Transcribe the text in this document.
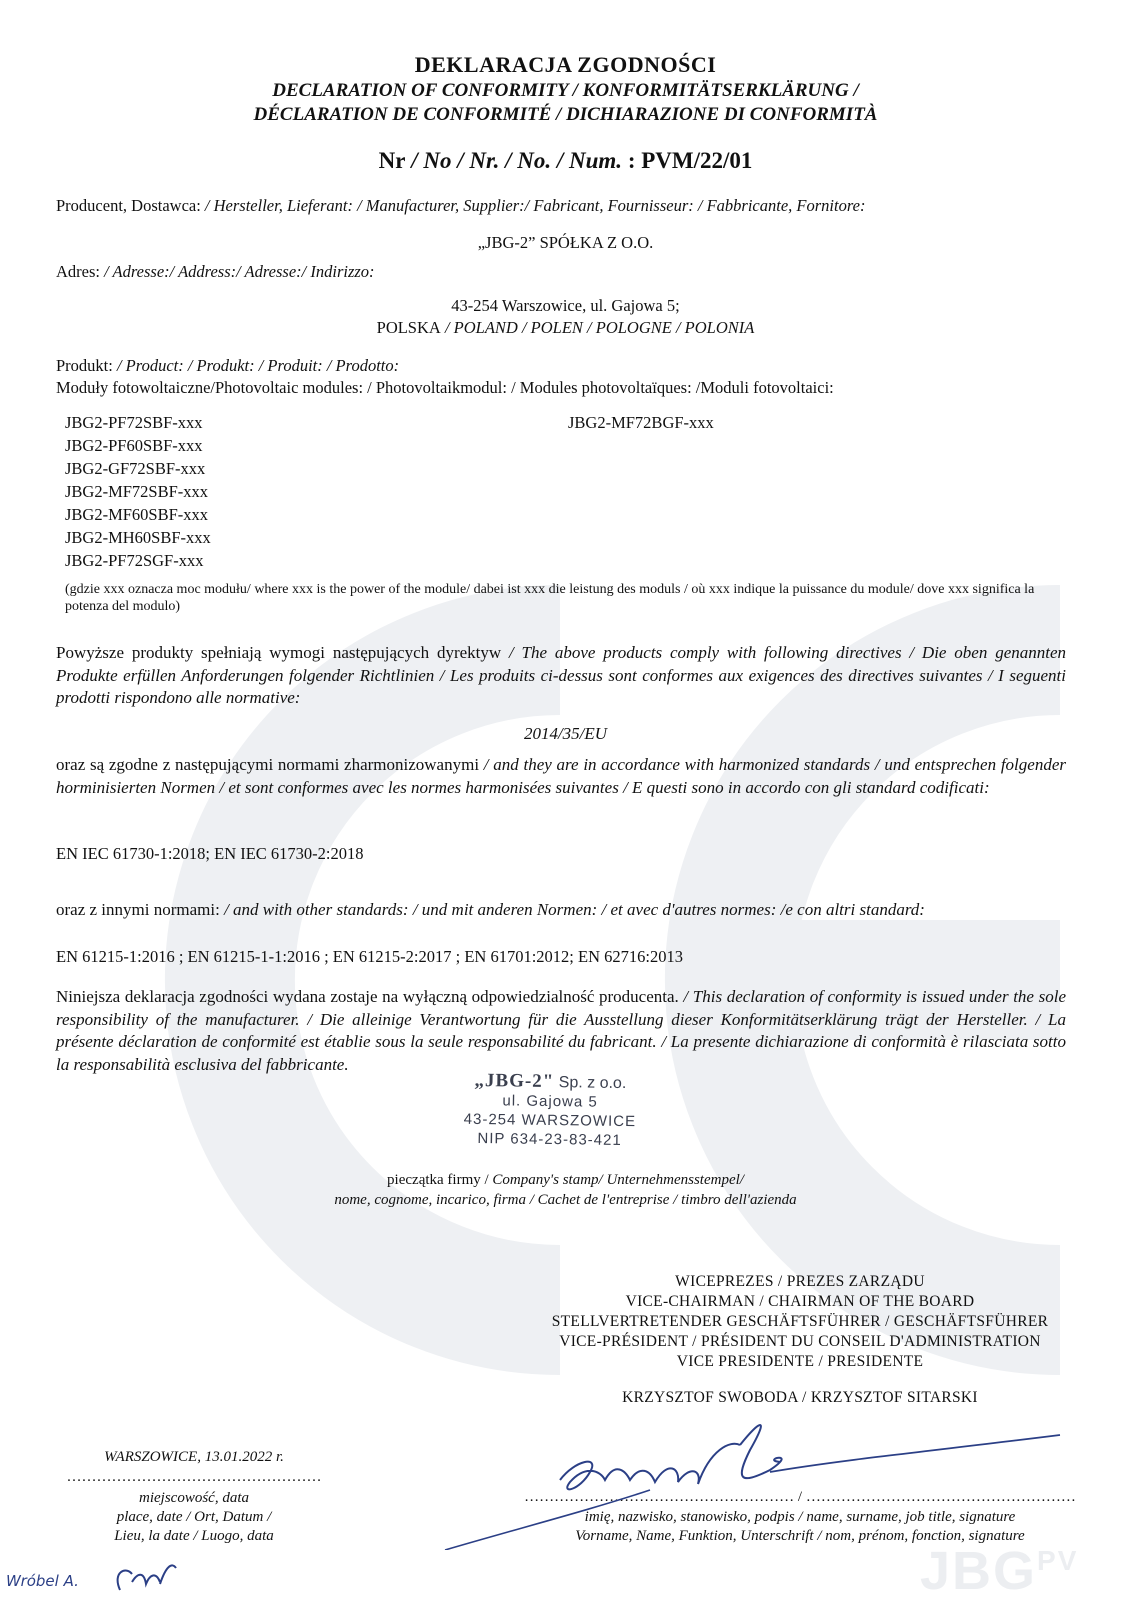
DEKLARACJA ZGODNOŚCI
DECLARATION OF CONFORMITY / KONFORMITÄTSERKLÄRUNG /
DÉCLARATION DE CONFORMITÉ / DICHIARAZIONE DI CONFORMITÀ
Nr / No / Nr. / No. / Num. : PVM/22/01
Producent, Dostawca: / Hersteller, Lieferant: / Manufacturer, Supplier:/ Fabricant, Fournisseur: / Fabbricante, Fornitore:
„JBG-2” SPÓŁKA Z O.O.
Adres: / Adresse:/ Address:/ Adresse:/ Indirizzo:
43-254 Warszowice, ul. Gajowa 5;
POLSKA / POLAND / POLEN / POLOGNE / POLONIA
Produkt: / Product: / Produkt: / Produit: / Prodotto:
Moduły fotowoltaiczne/Photovoltaic modules: / Photovoltaikmodul: / Modules photovoltaïques: /Moduli fotovoltaici:
JBG2-PF72SBF-xxx
JBG2-PF60SBF-xxx
JBG2-GF72SBF-xxx
JBG2-MF72SBF-xxx
JBG2-MF60SBF-xxx
JBG2-MH60SBF-xxx
JBG2-PF72SGF-xxx
JBG2-MF72BGF-xxx
(gdzie xxx oznacza moc modułu/ where xxx is the power of the module/ dabei ist xxx die leistung des moduls / où xxx indique la puissance du module/ dove xxx significa la potenza del modulo)
Powyższe produkty spełniają wymogi następujących dyrektyw / The above products comply with following directives / Die oben genannten Produkte erfüllen Anforderungen folgender Richtlinien / Les produits ci-dessus sont conformes aux exigences des directives suivantes / I seguenti prodotti rispondono alle normative:
2014/35/EU
oraz są zgodne z następującymi normami zharmonizowanymi / and they are in accordance with harmonized standards / und entsprechen folgender horminisierten Normen / et sont conformes avec les normes harmonisées suivantes / E questi sono in accordo con gli standard codificati:
EN IEC 61730-1:2018; EN IEC 61730-2:2018
oraz z innymi normami: / and with other standards: / und mit anderen Normen: / et avec d'autres normes: /e con altri standard:
EN 61215-1:2016 ; EN 61215-1-1:2016 ; EN 61215-2:2017 ; EN 61701:2012; EN 62716:2013
Niniejsza deklaracja zgodności wydana zostaje na wyłączną odpowiedzialność producenta. / This declaration of conformity is issued under the sole responsibility of the manufacturer. / Die alleinige Verantwortung für die Ausstellung dieser Konformitätserklärung trägt der Hersteller. / La présente déclaration de conformité est établie sous la seule responsabilité du fabricant. / La presente dichiarazione di conformità è rilasciata sotto la responsabilità esclusiva del fabbricante.
„JBG-2" Sp. z o.o.
ul. Gajowa 5
43-254 WARSZOWICE
NIP 634-23-83-421
pieczątka firmy / Company's stamp/ Unternehmensstempel/
nome, cognome, incarico, firma / Cachet de l'entreprise / timbro dell'azienda
WICEPREZES / PREZES ZARZĄDU
VICE-CHAIRMAN / CHAIRMAN OF THE BOARD
STELLVERTRETENDER GESCHÄFTSFÜHRER / GESCHÄFTSFÜHRER
VICE-PRÉSIDENT / PRÉSIDENT DU CONSEIL D'ADMINISTRATION
VICE PRESIDENTE / PRESIDENTE
KRZYSZTOF SWOBODA / KRZYSZTOF SITARSKI
WARSZOWICE, 13.01.2022 r.
……………………………………………
miejscowość, data
place, date / Ort, Datum /
Lieu, la date / Luogo, data
……………………………………………… / ………………………………………………
imię, nazwisko, stanowisko, podpis / name, surname, job title, signature
Vorname, Name, Funktion, Unterschrift / nom, prénom, fonction, signature
Wróbel A.	$JBG^{PV}$
